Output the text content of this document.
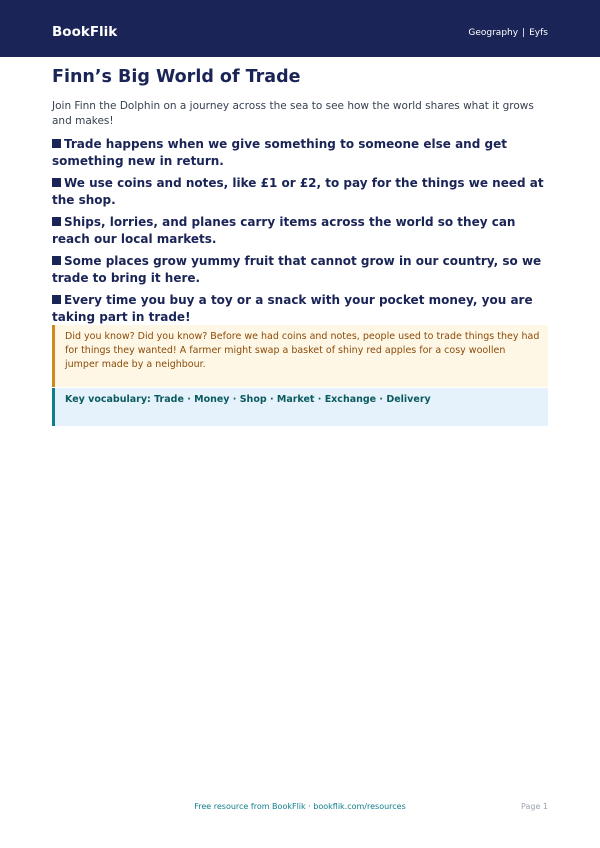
BookFlik	Geography | Eyfs
Finn’s Big World of Trade

Join Finn the Dolphin on a journey across the sea to see how the world shares what it grows and makes!

Trade happens when we give something to someone else and get something new in return.
We use coins and notes, like £1 or £2, to pay for the things we need at the shop.
Ships, lorries, and planes carry items across the world so they can reach our local markets.
Some places grow yummy fruit that cannot grow in our country, so we trade to bring it here.
Every time you buy a toy or a snack with your pocket money, you are taking part in trade!
Did you know? Did you know? Before we had coins and notes, people used to trade things they had for things they wanted! A farmer might swap a basket of shiny red apples for a cosy woollen jumper made by a neighbour.
Key vocabulary: Trade · Money · Shop · Market · Exchange · Delivery
Free resource from BookFlik · bookflik.com/resources	Page 1
